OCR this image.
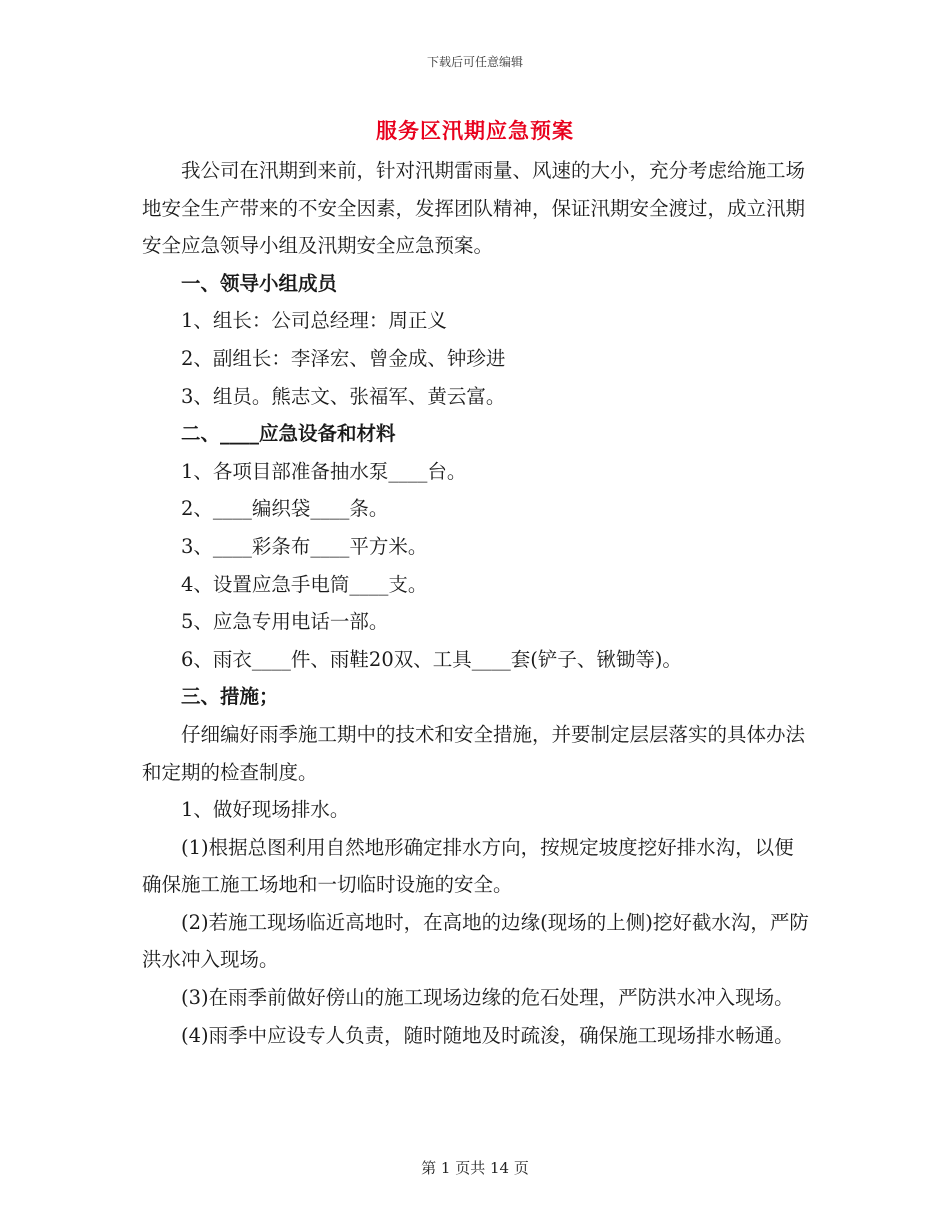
下载后可任意编辑
服务区汛期应急预案

我公司在汛期到来前，针对汛期雷雨量、风速的大小，充分考虑给施工场地安全生产带来的不安全因素，发挥团队精神，保证汛期安全渡过，成立汛期安全应急领导小组及汛期安全应急预案。

一、领导小组成员

1、组长：公司总经理：周正义

2、副组长：李泽宏、曾金成、钟珍进

3、组员。熊志文、张福军、黄云富。

二、____应急设备和材料

1、各项目部准备抽水泵____台。

2、____编织袋____条。

3、____彩条布____平方米。

4、设置应急手电筒____支。

5、应急专用电话一部。

6、雨衣____件、雨鞋20双、工具____套(铲子、锹锄等)。

三、措施；

仔细编好雨季施工期中的技术和安全措施，并要制定层层落实的具体办法和定期的检查制度。

1、做好现场排水。

(1)根据总图利用自然地形确定排水方向，按规定坡度挖好排水沟，以便确保施工施工场地和一切临时设施的安全。

(2)若施工现场临近高地时，在高地的边缘(现场的上侧)挖好截水沟，严防洪水冲入现场。

(3)在雨季前做好傍山的施工现场边缘的危石处理，严防洪水冲入现场。

(4)雨季中应设专人负责，随时随地及时疏浚，确保施工现场排水畅通。

第 1 页共 14 页
